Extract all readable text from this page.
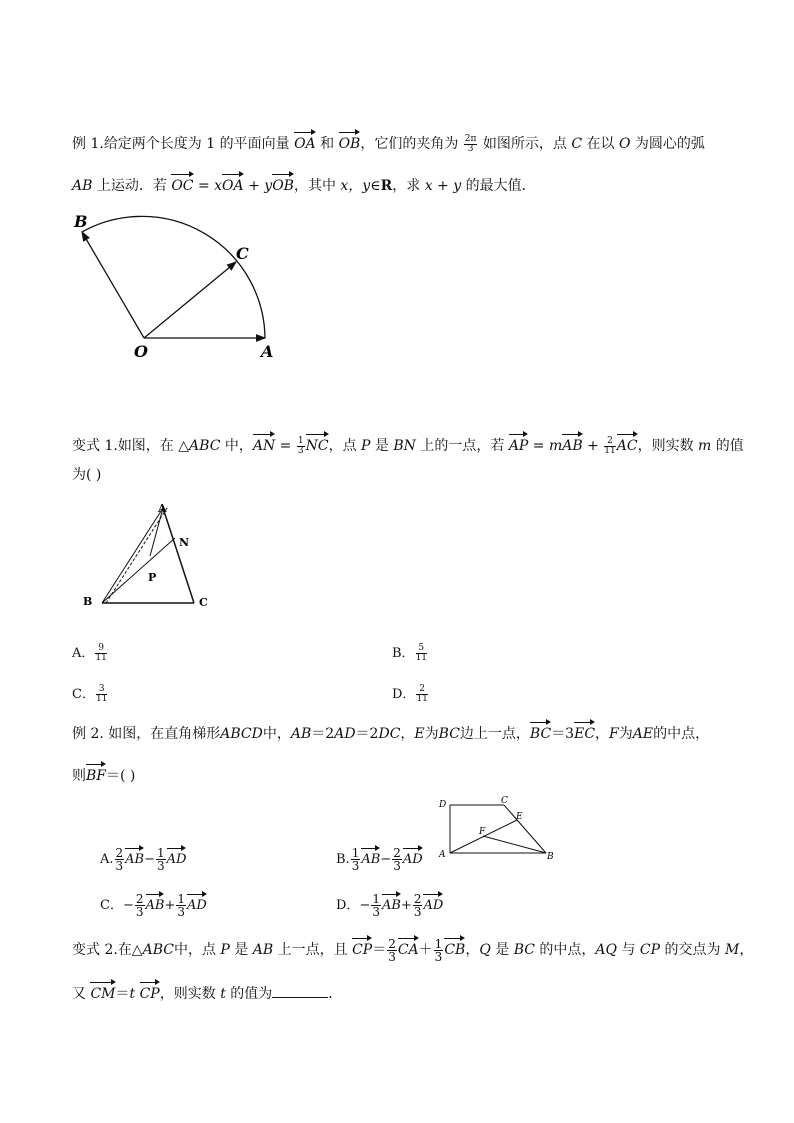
例 1.给定两个长度为 1 的平面向量 OA 和 OB，它们的夹角为 $\frac{2\pi}{3}$ 如图所示，点 C 在以 O 为圆心的弧
AB 上运动．若 OC = xOA + yOB，其中 x，y∈R，求 x + y 的最大值．
B
C
O	A
变式 1.如图，在 △ABC 中，AN = $\frac{1}{3}$ NC，点 P 是 BN 上的一点，若 AP = mAB + $\frac{2}{11}$ AC，则实数 m 的值
为( )
A
N
P
B	C
A． $\frac{9}{11}$	B． $\frac{5}{11}$
C． $\frac{3}{11}$	D． $\frac{2}{11}$
例 2. 如图，在直角梯形ABCD中，AB＝2AD＝2DC，E为BC边上一点，BC＝3EC，F为AE的中点，
则BF＝( )
D	C
E
F
A	B
A. $\frac{2}{3} AB- \frac{1}{3}$ AD	B. $\frac{1}{3} AB- \frac{2}{3}$ AD
C．− $\frac{2}{3} AB+ \frac{1}{3}$ AD	D．− $\frac{1}{3} AB+ \frac{2}{3}$ AD
变式 2.在△ABC中，点 P 是 AB 上一点，且 $CP= \frac{2}{3} CA+ \frac{1}{3}$ CB，Q 是 BC 的中点，AQ 与 CP 的交点为 M，
又 CM＝t CP，则实数 t 的值为	．
